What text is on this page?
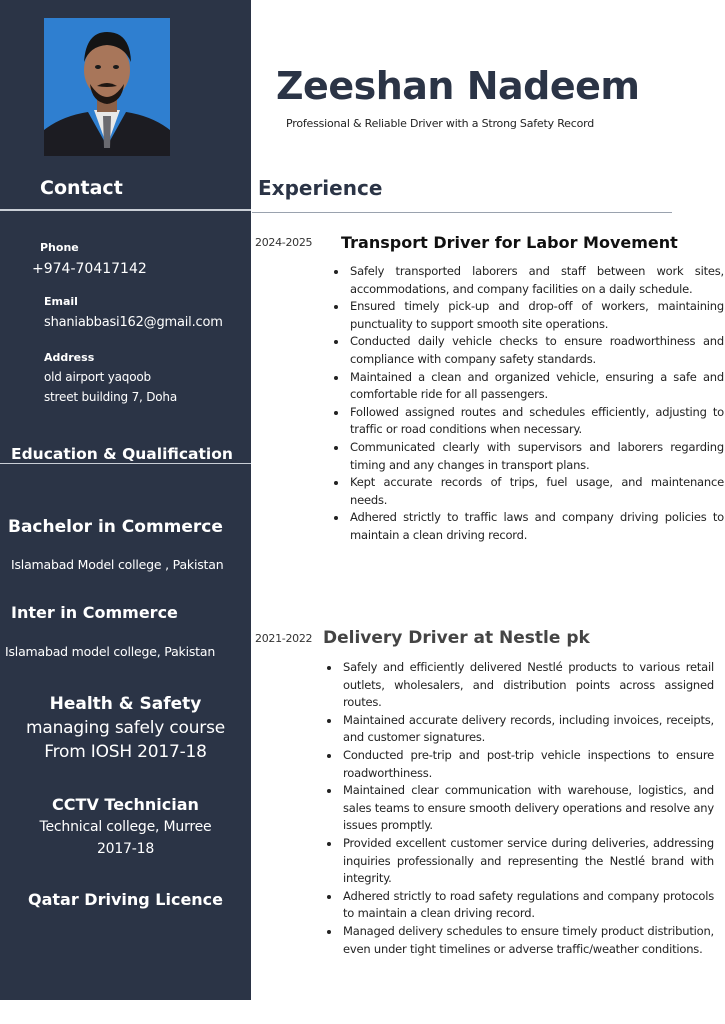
Contact
Phone
+974-70417142
Email
shaniabbasi162@gmail.com
Address
old airport yaqoob
street building 7, Doha
Education & Qualification
Bachelor in Commerce
Islamabad Model college , Pakistan
Inter in Commerce
Islamabad model college, Pakistan
Health & Safety
managing safely course
From IOSH 2017-18
CCTV Technician
Technical college, Murree
2017-18
Qatar Driving Licence
Zeeshan Nadeem
Professional & Reliable Driver with a Strong Safety Record
Experience
2024-2025 Transport Driver for Labor Movement
• Safely transported laborers and staff between work sites, accommodations, and company facilities on a daily schedule.
• Ensured timely pick-up and drop-off of workers, maintaining punctuality to support smooth site operations.
• Conducted daily vehicle checks to ensure roadworthiness and compliance with company safety standards.
• Maintained a clean and organized vehicle, ensuring a safe and comfortable ride for all passengers.
• Followed assigned routes and schedules efficiently, adjusting to traffic or road conditions when necessary.
• Communicated clearly with supervisors and laborers regarding timing and any changes in transport plans.
• Kept accurate records of trips, fuel usage, and maintenance needs.
• Adhered strictly to traffic laws and company driving policies to maintain a clean driving record.
2021-2022 Delivery Driver at Nestle pk
• Safely and efficiently delivered Nestlé products to various retail outlets, wholesalers, and distribution points across assigned routes.
• Maintained accurate delivery records, including invoices, receipts, and customer signatures.
• Conducted pre-trip and post-trip vehicle inspections to ensure roadworthiness.
• Maintained clear communication with warehouse, logistics, and sales teams to ensure smooth delivery operations and resolve any issues promptly.
• Provided excellent customer service during deliveries, addressing inquiries professionally and representing the Nestlé brand with integrity.
• Adhered strictly to road safety regulations and company protocols to maintain a clean driving record.
• Managed delivery schedules to ensure timely product distribution, even under tight timelines or adverse traffic/weather conditions.
